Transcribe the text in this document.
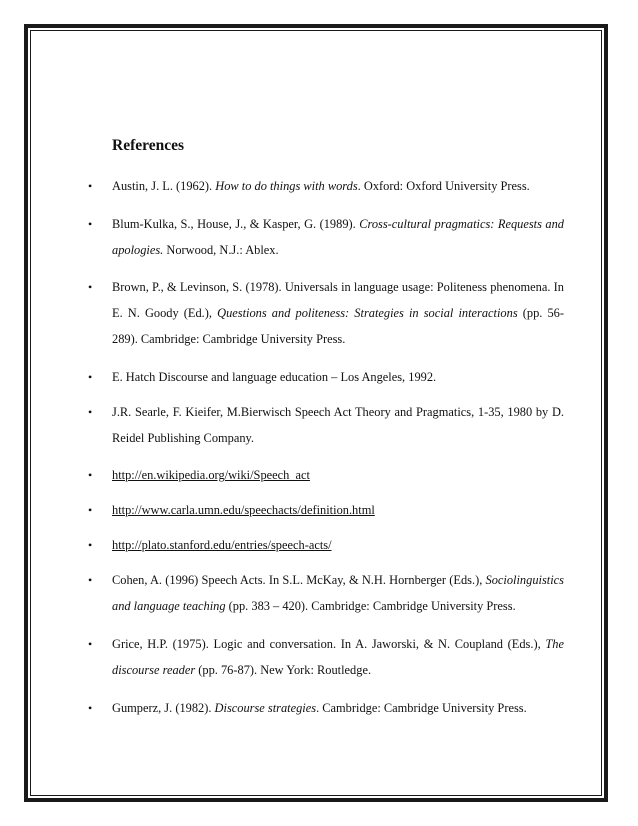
References
• Austin, J. L. (1962). How to do things with words. Oxford: Oxford University Press.
• Blum-Kulka, S., House, J., & Kasper, G. (1989). Cross-cultural pragmatics: Requests and apologies. Norwood, N.J.: Ablex.
• Brown, P., & Levinson, S. (1978). Universals in language usage: Politeness phenomena. In E. N. Goody (Ed.), Questions and politeness: Strategies in social interactions (pp. 56-289). Cambridge: Cambridge University Press.
• E. Hatch Discourse and language education – Los Angeles, 1992.
• J.R. Searle, F. Kieifer, M.Bierwisch Speech Act Theory and Pragmatics, 1-35, 1980 by D. Reidel Publishing Company.
• http://en.wikipedia.org/wiki/Speech_act
• http://www.carla.umn.edu/speechacts/definition.html
• http://plato.stanford.edu/entries/speech-acts/
• Cohen, A. (1996) Speech Acts. In S.L. McKay, & N.H. Hornberger (Eds.), Sociolinguistics and language teaching (pp. 383 – 420). Cambridge: Cambridge University Press.
• Grice, H.P. (1975). Logic and conversation. In A. Jaworski, & N. Coupland (Eds.), The discourse reader (pp. 76-87). New York: Routledge.
• Gumperz, J. (1982). Discourse strategies. Cambridge: Cambridge University Press.
